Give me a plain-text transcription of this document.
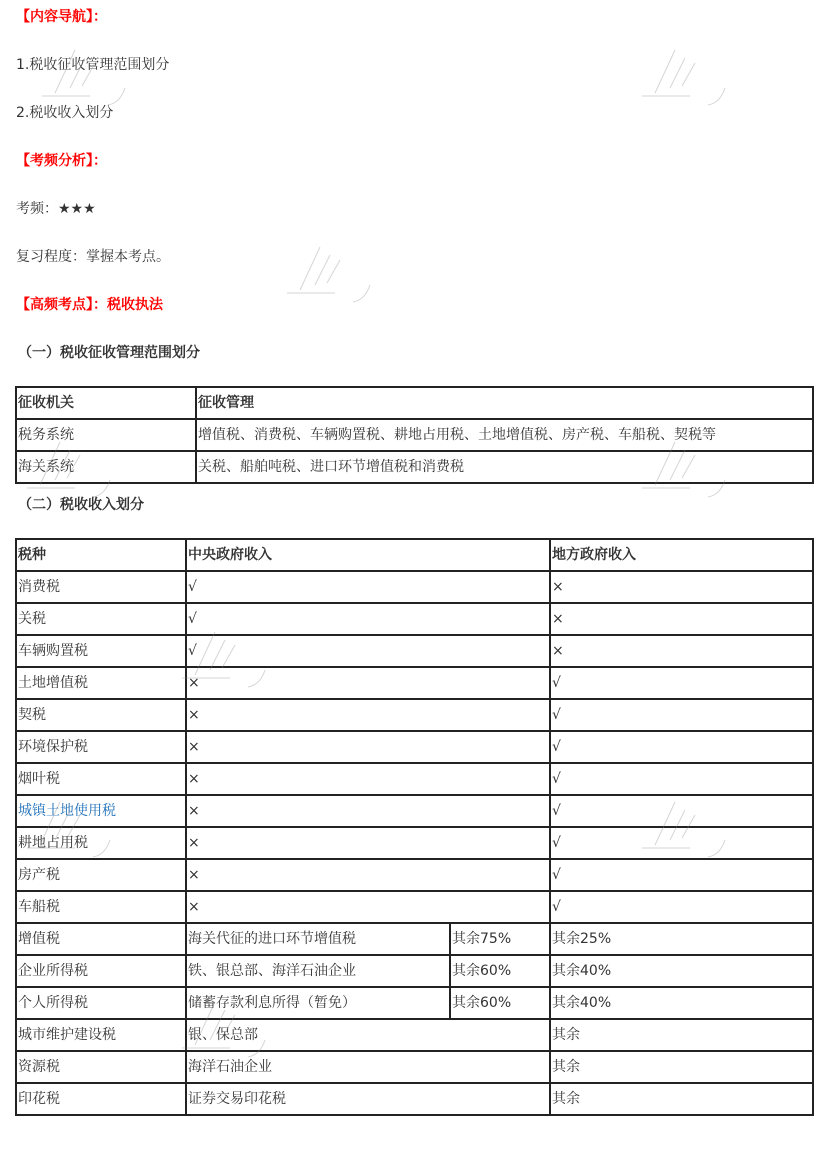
【内容导航】：
1.税收征收管理范围划分
2.税收收入划分
【考频分析】：
考频：★★★
复习程度：掌握本考点。
【高频考点】：税收执法
（一）税收征收管理范围划分
征收机关	征收管理
税务系统	增值税、消费税、车辆购置税、耕地占用税、土地增值税、房产税、车船税、契税等
海关系统	关税、船舶吨税、进口环节增值税和消费税
（二）税收收入划分
税种	中央政府收入		地方政府收入
消费税	√		×
关税	√		×
车辆购置税	√		×
土地增值税	×		√
契税	×		√
环境保护税	×		√
烟叶税	×		√
城镇土地使用税	×		√
耕地占用税	×		√
房产税	×		√
车船税	×		√
增值税	海关代征的进口环节增值税	其余75%	其余25%
企业所得税	铁、银总部、海洋石油企业	其余60%	其余40%
个人所得税	储蓄存款利息所得（暂免）	其余60%	其余40%
城市维护建设税	银、保总部		其余
资源税	海洋石油企业		其余
印花税	证券交易印花税		其余
